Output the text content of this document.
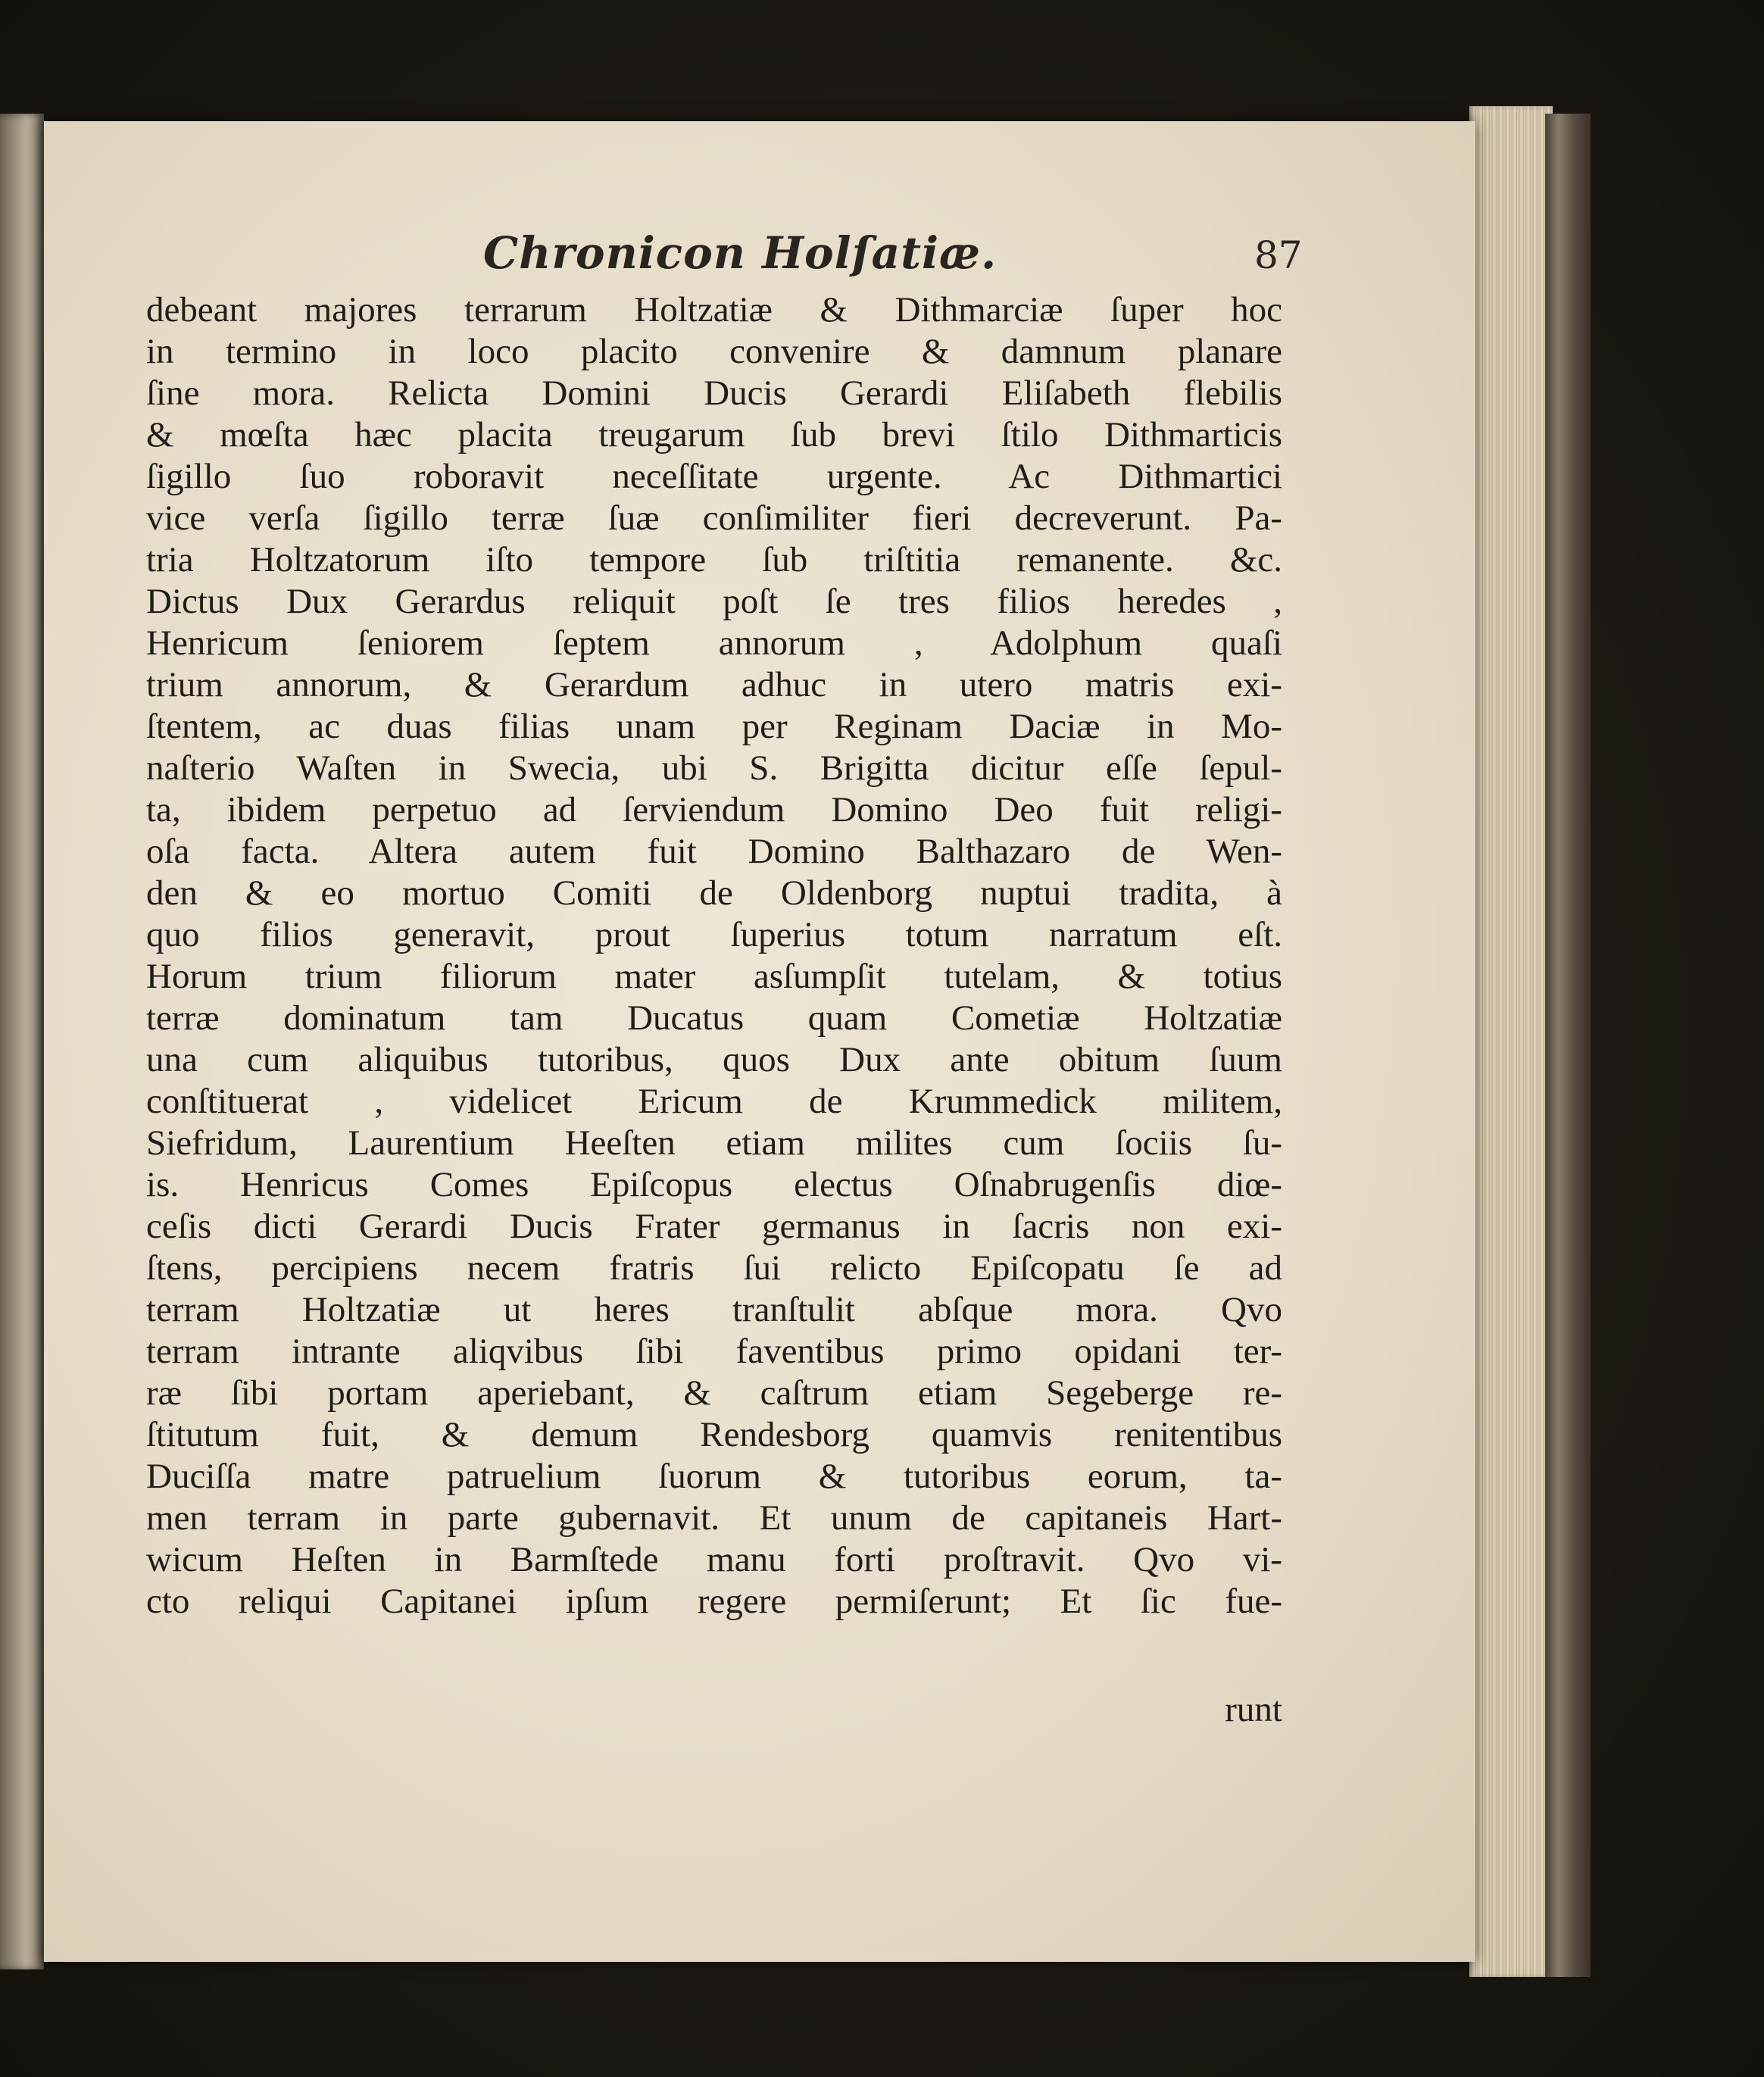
Chronicon Holſatiæ.	87
debeant majores terrarum Holtzatiæ & Dithmarciæ ſuper hoc
in termino in loco placito convenire & damnum planare
ſine mora. Relicta Domini Ducis Gerardi Eliſabeth flebilis
& mœſta hæc placita treugarum ſub brevi ſtilo Dithmarticis
ſigillo ſuo roboravit neceſſitate urgente. Ac Dithmartici
vice verſa ſigillo terræ ſuæ conſimiliter fieri decreverunt. Pa-
tria Holtzatorum iſto tempore ſub triſtitia remanente. &c.
Dictus Dux Gerardus reliquit poſt ſe tres filios heredes ,
Henricum ſeniorem ſeptem annorum , Adolphum quaſi
trium annorum, & Gerardum adhuc in utero matris exi-
ſtentem, ac duas filias unam per Reginam Daciæ in Mo-
naſterio Waſten in Swecia, ubi S. Brigitta dicitur eſſe ſepul-
ta, ibidem perpetuo ad ſerviendum Domino Deo fuit religi-
oſa facta. Altera autem fuit Domino Balthazaro de Wen-
den & eo mortuo Comiti de Oldenborg nuptui tradita, à
quo filios generavit, prout ſuperius totum narratum eſt.
Horum trium filiorum mater asſumpſit tutelam, & totius
terræ dominatum tam Ducatus quam Cometiæ Holtzatiæ
una cum aliquibus tutoribus, quos Dux ante obitum ſuum
conſtituerat , videlicet Ericum de Krummedick militem,
Siefridum, Laurentium Heeſten etiam milites cum ſociis ſu-
is. Henricus Comes Epiſcopus electus Oſnabrugenſis diœ-
ceſis dicti Gerardi Ducis Frater germanus in ſacris non exi-
ſtens, percipiens necem fratris ſui relicto Epiſcopatu ſe ad
terram Holtzatiæ ut heres tranſtulit abſque mora. Qvo
terram intrante aliqvibus ſibi faventibus primo opidani ter-
ræ ſibi portam aperiebant, & caſtrum etiam Segeberge re-
ſtitutum fuit, & demum Rendesborg quamvis renitentibus
Duciſſa matre patruelium ſuorum & tutoribus eorum, ta-
men terram in parte gubernavit. Et unum de capitaneis Hart-
wicum Heſten in Barmſtede manu forti proſtravit. Qvo vi-
cto reliqui Capitanei ipſum regere permiſerunt; Et ſic fue-
runt
